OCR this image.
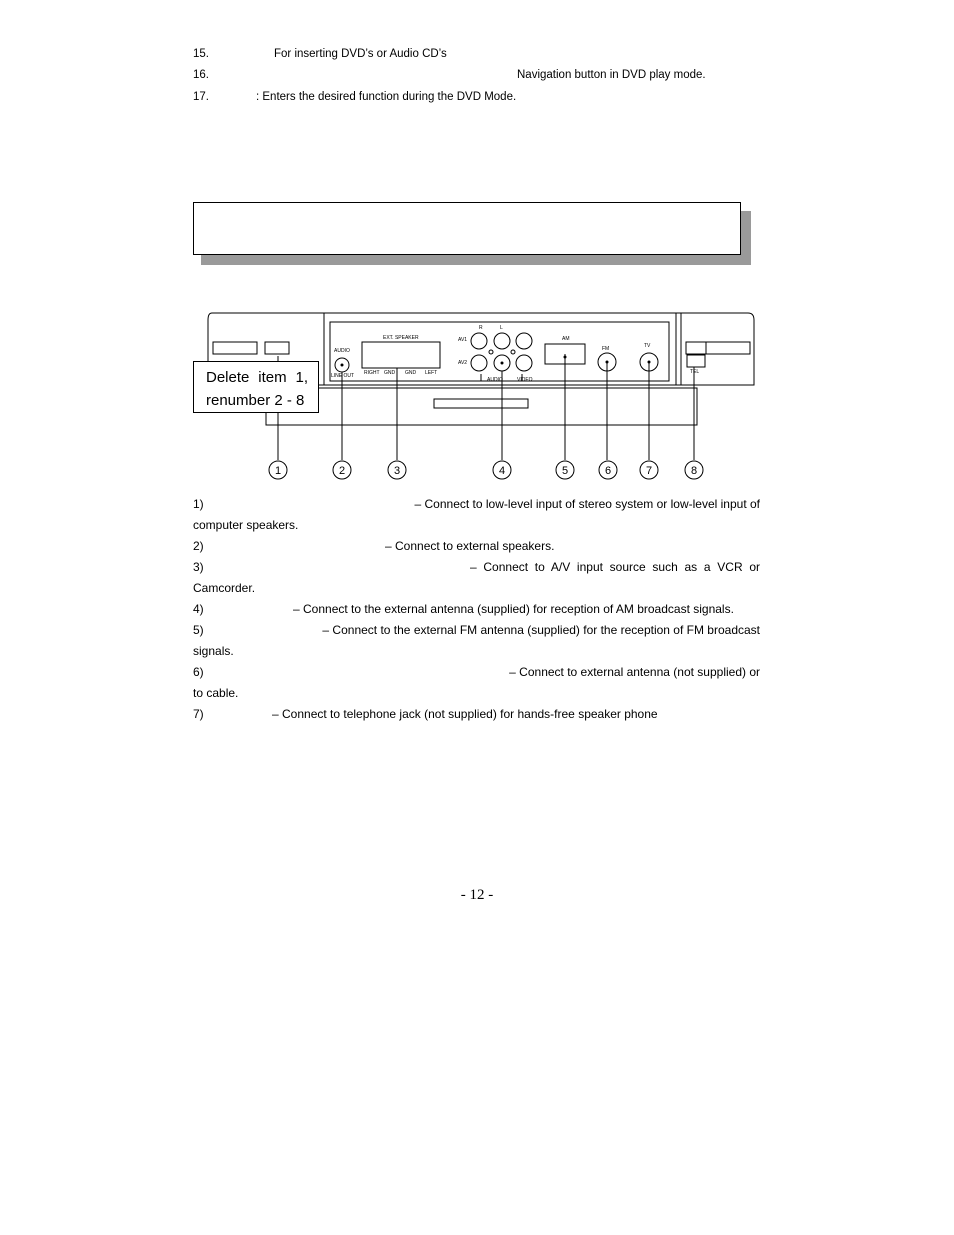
15.	For inserting DVD’s or Audio CD’s
16.	Navigation button in DVD play mode.
17.	: Enters the desired function during the DVD Mode.
EXT. SPEAKER
AUDIO
LINE OUT RIGHT GND GND LEFT
AV1
AV2
R	L
AUDIO	VIDEO
AM
FM	TV
TEL
1	2	3	4	5	6	7	8
Delete item 1,
renumber 2 - 8
1)	– Connect to low-level input of stereo system or low-level input of
computer speakers.
2)	– Connect to external speakers.
3)	– Connect to A/V input source such as a VCR or
Camcorder.
4)	– Connect to the external antenna (supplied) for reception of AM broadcast signals.
5)	– Connect to the external FM antenna (supplied) for the reception of FM broadcast
signals.
6)	– Connect to external antenna (not supplied) or
to cable.
7)	– Connect to telephone jack (not supplied) for hands-free speaker phone
- 12 -
